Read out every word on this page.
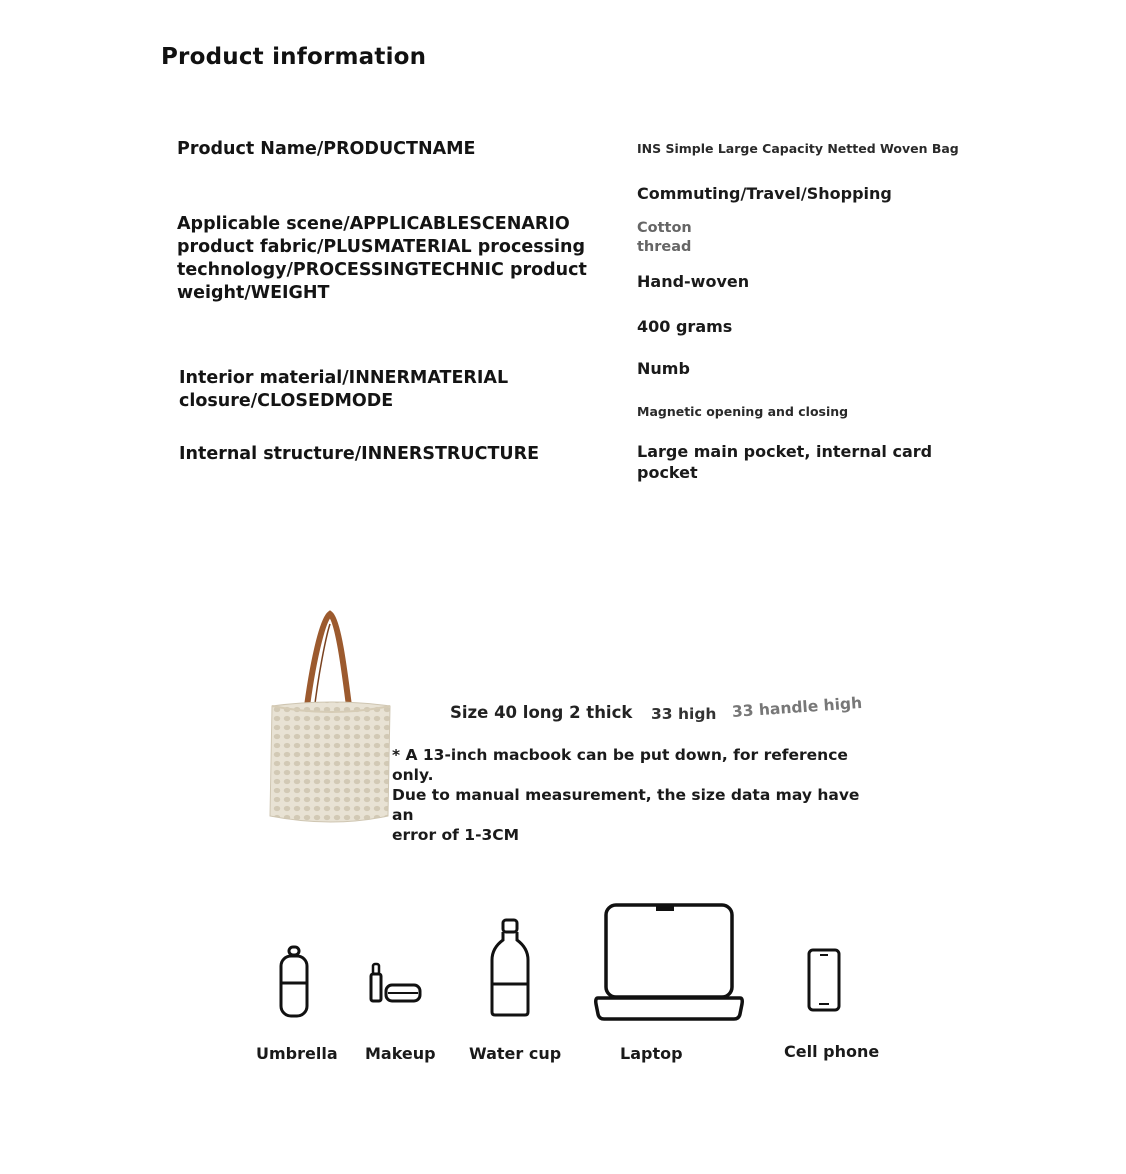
Product information
Product Name/PRODUCTNAME
Applicable scene/APPLICABLESCENARIO
product fabric/PLUSMATERIAL processing
technology/PROCESSINGTECHNIC product
weight/WEIGHT
Interior material/INNERMATERIAL
closure/CLOSEDMODE
Internal structure/INNERSTRUCTURE
INS Simple Large Capacity Netted Woven Bag
Commuting/Travel/Shopping
Cotton
thread
Hand-woven
400 grams
Numb
Magnetic opening and closing
Large main pocket, internal card
pocket
Size 40 long 2 thick 33 high 33 handle high
* A 13-inch macbook can be put down, for reference only.
Due to manual measurement, the size data may have an
error of 1-3CM
Umbrella Makeup Water cup	Laptop	Cell phone
